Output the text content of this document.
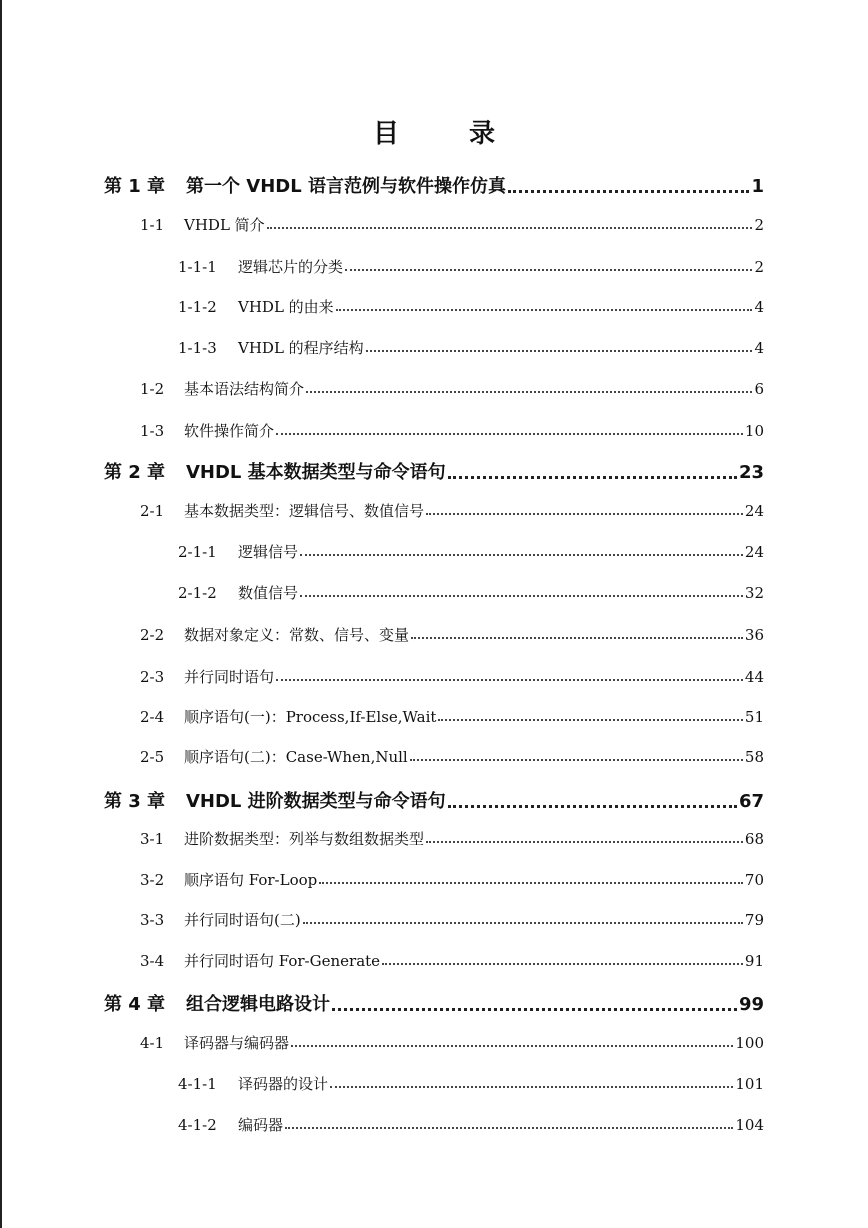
目　录
第 1 章	第一个 VHDL 语言范例与软件操作仿真	1
1-1	VHDL 简介	2
1-1-1	逻辑芯片的分类	2
1-1-2	VHDL 的由来	4
1-1-3	VHDL 的程序结构	4
1-2	基本语法结构简介	6
1-3	软件操作简介	10
第 2 章	VHDL 基本数据类型与命令语句	23
2-1	基本数据类型：逻辑信号、数值信号	24
2-1-1	逻辑信号	24
2-1-2	数值信号	32
2-2	数据对象定义：常数、信号、变量	36
2-3	并行同时语句	44
2-4	顺序语句(一)：Process,If-Else,Wait	51
2-5	顺序语句(二)：Case-When,Null	58
第 3 章	VHDL 进阶数据类型与命令语句	67
3-1	进阶数据类型：列举与数组数据类型	68
3-2	顺序语句 For-Loop	70
3-3	并行同时语句(二)	79
3-4	并行同时语句 For-Generate	91
第 4 章	组合逻辑电路设计	99
4-1	译码器与编码器	100
4-1-1	译码器的设计	101
4-1-2	编码器	104
